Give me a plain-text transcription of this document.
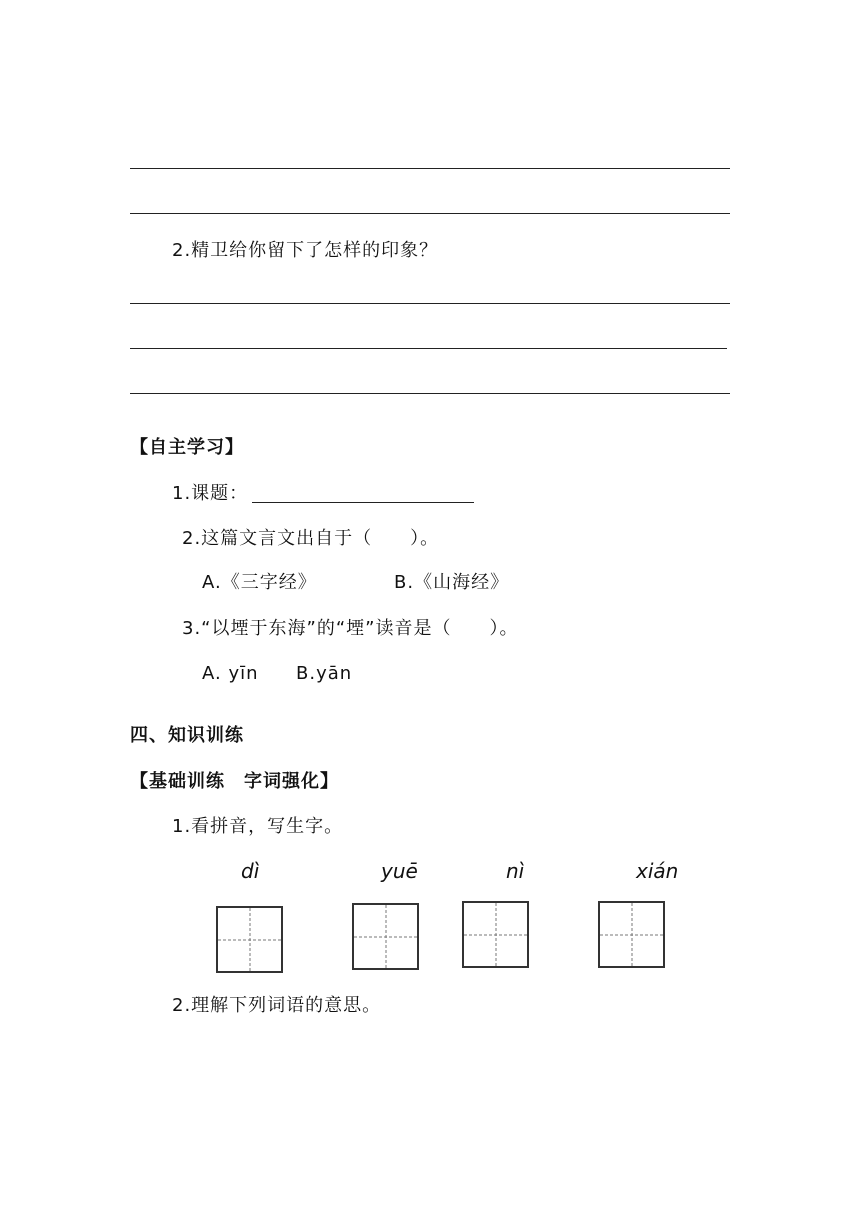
2.精卫给你留下了怎样的印象？
【自主学习】
1.课题：
2.这篇文言文出自于（　　）。
A.《三字经》	B.《山海经》
3.“以堙于东海”的“堙”读音是（　　）。
A. yīn B.yān
四、知识训练
【基础训练　字词强化】
1.看拼音，写生字。
dì	yuē	nì	xián
2.理解下列词语的意思。
